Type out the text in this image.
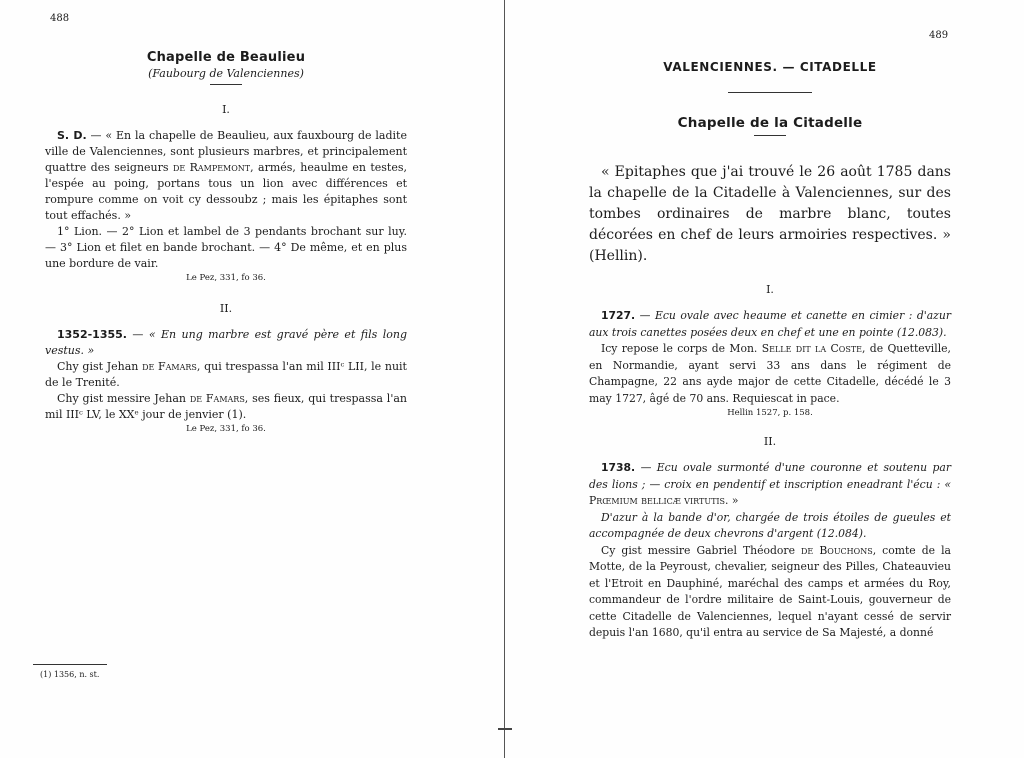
488
Chapelle de Beaulieu
(Faubourg de Valenciennes)
I.

S. D. — « En la chapelle de Beaulieu, aux fauxbourg de ladite ville de Valenciennes, sont plusieurs marbres, et principalement quattre des seigneurs de Rampemont, armés, heaulme en testes, l'espée au poing, portans tous un lion avec différences et rompure comme on voit cy dessoubz ; mais les épitaphes sont tout effachés. »

1° Lion. — 2° Lion et lambel de 3 pendants brochant sur luy. — 3° Lion et filet en bande brochant. — 4° De même, et en plus une bordure de vair.

Le Pez, 331, fo 36.
II.

1352-1355. — « En ung marbre est gravé père et fils long vestus. »

Chy gist Jehan de Famars, qui trespassa l'an mil IIIᶜ LII, le nuit de le Trenité.

Chy gist messire Jehan de Famars, ses fieux, qui trespassa l'an mil IIIᶜ LV, le XXᵉ jour de jenvier (1).

Le Pez, 331, fo 36.
(1) 1356, n. st.
489
VALENCIENNES. — CITADELLE
Chapelle de la Citadelle

« Epitaphes que j'ai trouvé le 26 août 1785 dans la chapelle de la Citadelle à Valenciennes, sur des tombes ordinaires de marbre blanc, toutes décorées en chef de leurs armoiries respectives. » (Hellin).

I.

1727. — Ecu ovale avec heaume et canette en cimier : d'azur aux trois canettes posées deux en chef et une en pointe (12.083).

Icy repose le corps de Mon. Selle dit la Coste, de Quetteville, en Normandie, ayant servi 33 ans dans le régiment de Champagne, 22 ans ayde major de cette Citadelle, décédé le 3 may 1727, âgé de 70 ans. Requiescat in pace.

Hellin 1527, p. 158.
II.

1738. — Ecu ovale surmonté d'une couronne et soutenu par des lions ; — croix en pendentif et inscription eneadrant l'écu : « Prœmium bellicæ virtutis. »

D'azur à la bande d'or, chargée de trois étoiles de gueules et accompagnée de deux chevrons d'argent (12.084).

Cy gist messire Gabriel Théodore de Bouchons, comte de la Motte, de la Peyroust, chevalier, seigneur des Pilles, Chateauvieu et l'Etroit en Dauphiné, maréchal des camps et armées du Roy, commandeur de l'ordre militaire de Saint-Louis, gouverneur de cette Citadelle de Valenciennes, lequel n'ayant cessé de servir depuis l'an 1680, qu'il entra au service de Sa Majesté, a donné
